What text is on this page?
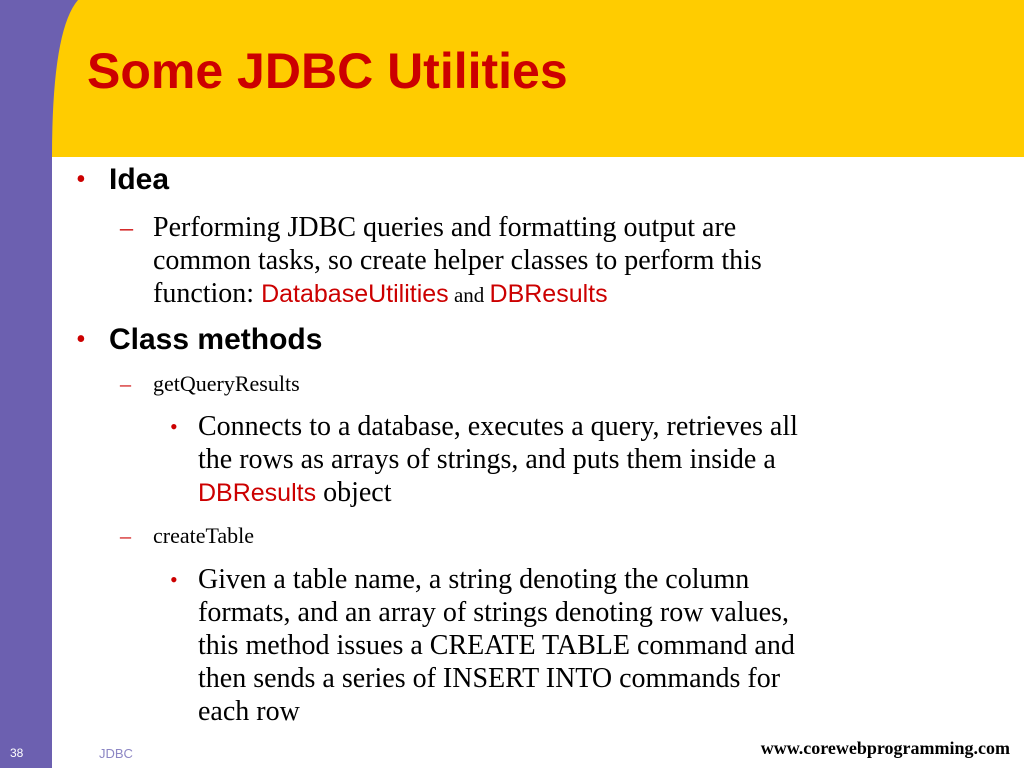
Some JDBC Utilities
• Idea
– Performing JDBC queries and formatting output are
common tasks, so create helper classes to perform this
function: DatabaseUtilities and DBResults
• Class methods
– getQueryResults
• Connects to a database, executes a query, retrieves all
the rows as arrays of strings, and puts them inside a
DBResults object
– createTable
• Given a table name, a string denoting the column
formats, and an array of strings denoting row values,
this method issues a CREATE TABLE command and
then sends a series of INSERT INTO commands for
each row
38	JDBC	www.corewebprogramming.com
